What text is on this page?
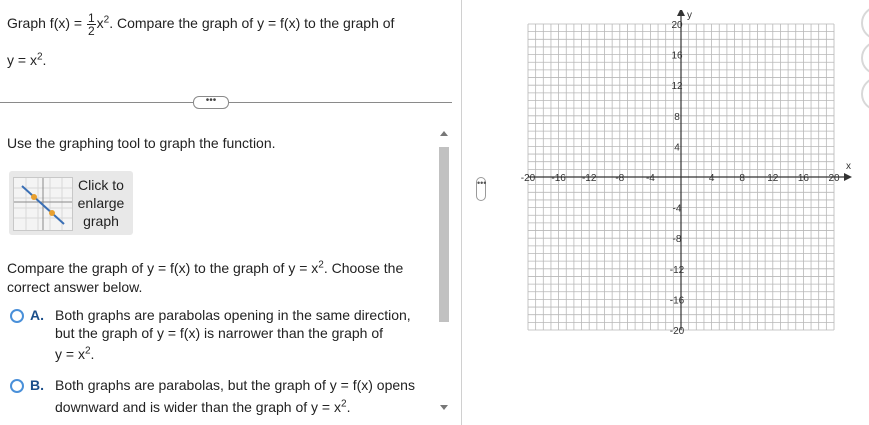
Graph $f(x) = \frac{1}{2} x^2$. Compare the graph of y = f(x) to the graph of
$y = x^2$.
•••
Use the graphing tool to graph the function.
Click to
enlarge
graph
Compare the graph of y = f(x) to the graph of $y = x^2$. Choose the
correct answer below.
A. Both graphs are parabolas opening in the same direction,
but the graph of y = f(x) is narrower than the graph of
$y = x^2$.
B. Both graphs are parabolas, but the graph of y = f(x) opens
downward and is wider than the graph of $y = x^2$.
•••	-20 -16 -12 -8 -4	4	8 12 16 20
20
16
12
8
4
-4
-8
-12
-16
-20
x
y
